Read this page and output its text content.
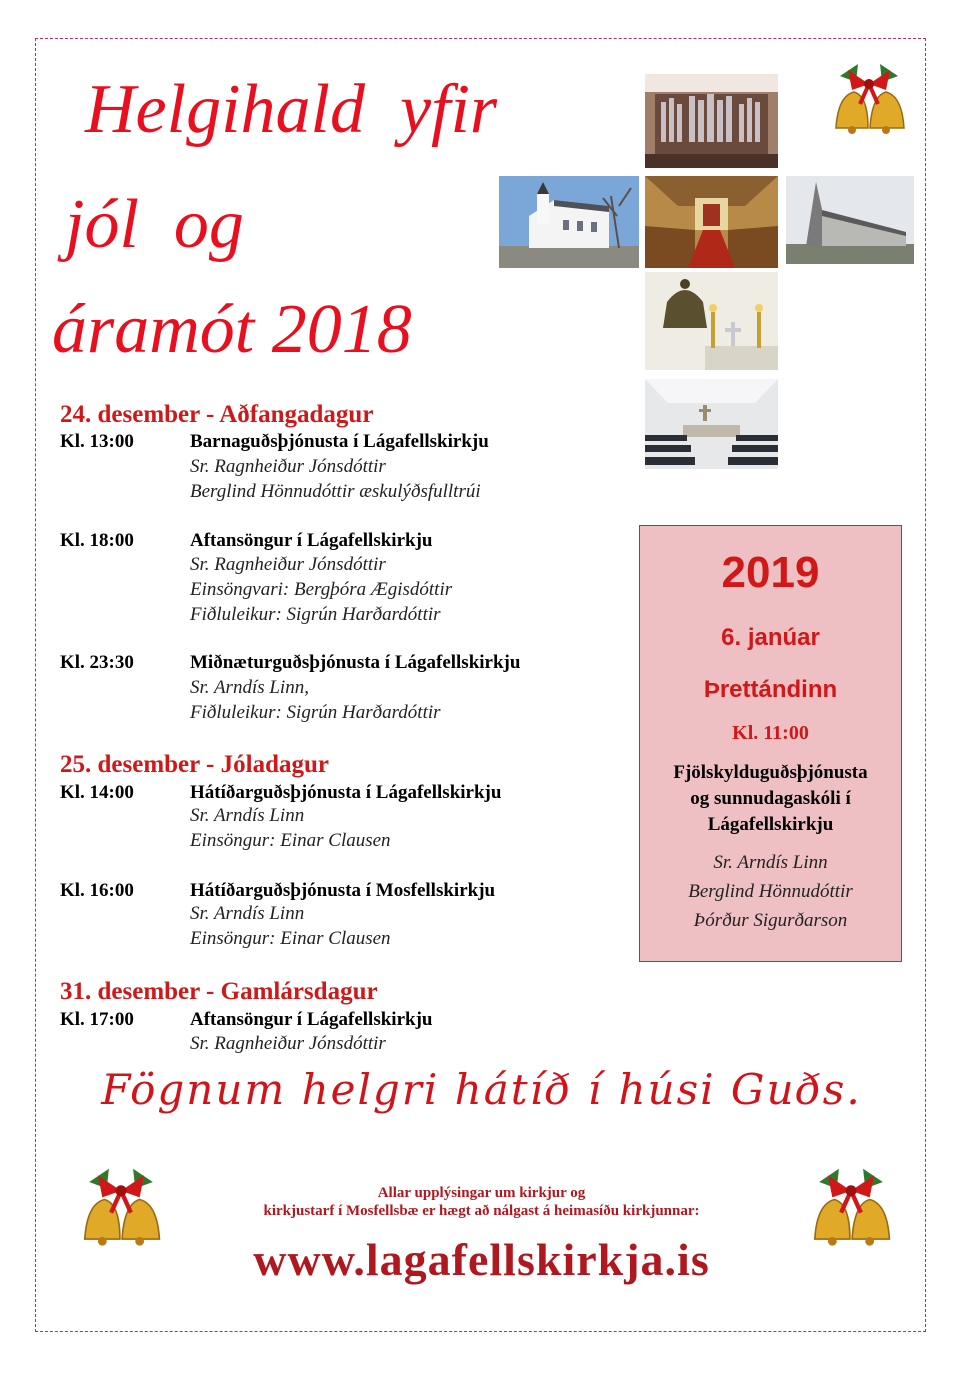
Helgihald  yfir
jól  og
áramót 2018
24. desember - Aðfangadagur
Kl. 13:00	Barnaguðsþjónusta í Lágafellskirkju
Sr. Ragnheiður Jónsdóttir
Berglind Hönnudóttir æskulýðsfulltrúi
Kl. 18:00	Aftansöngur í Lágafellskirkju
Sr. Ragnheiður Jónsdóttir
Einsöngvari: Bergþóra Ægisdóttir
Fiðluleikur: Sigrún Harðardóttir
Kl. 23:30	Miðnæturguðsþjónusta í Lágafellskirkju
Sr. Arndís Linn,
Fiðluleikur: Sigrún Harðardóttir
25. desember - Jóladagur
Kl. 14:00	Hátíðarguðsþjónusta í Lágafellskirkju
Sr. Arndís Linn
Einsöngur: Einar Clausen
Kl. 16:00	Hátíðarguðsþjónusta í Mosfellskirkju
Sr. Arndís Linn
Einsöngur: Einar Clausen
31. desember - Gamlársdagur
Kl. 17:00	Aftansöngur í Lágafellskirkju
Sr. Ragnheiður Jónsdóttir
2019
6. janúar
Þrettándinn
Kl. 11:00
Fjölskylduguðsþjónusta
og sunnudagaskóli í
Lágafellskirkju
Sr. Arndís Linn
Berglind Hönnudóttir
Þórður Sigurðarson
Fögnum helgri hátíð í húsi Guðs.
Allar upplýsingar um kirkjur og
kirkjustarf í Mosfellsbæ er hægt að nálgast á heimasíðu kirkjunnar:
www.lagafellskirkja.is
